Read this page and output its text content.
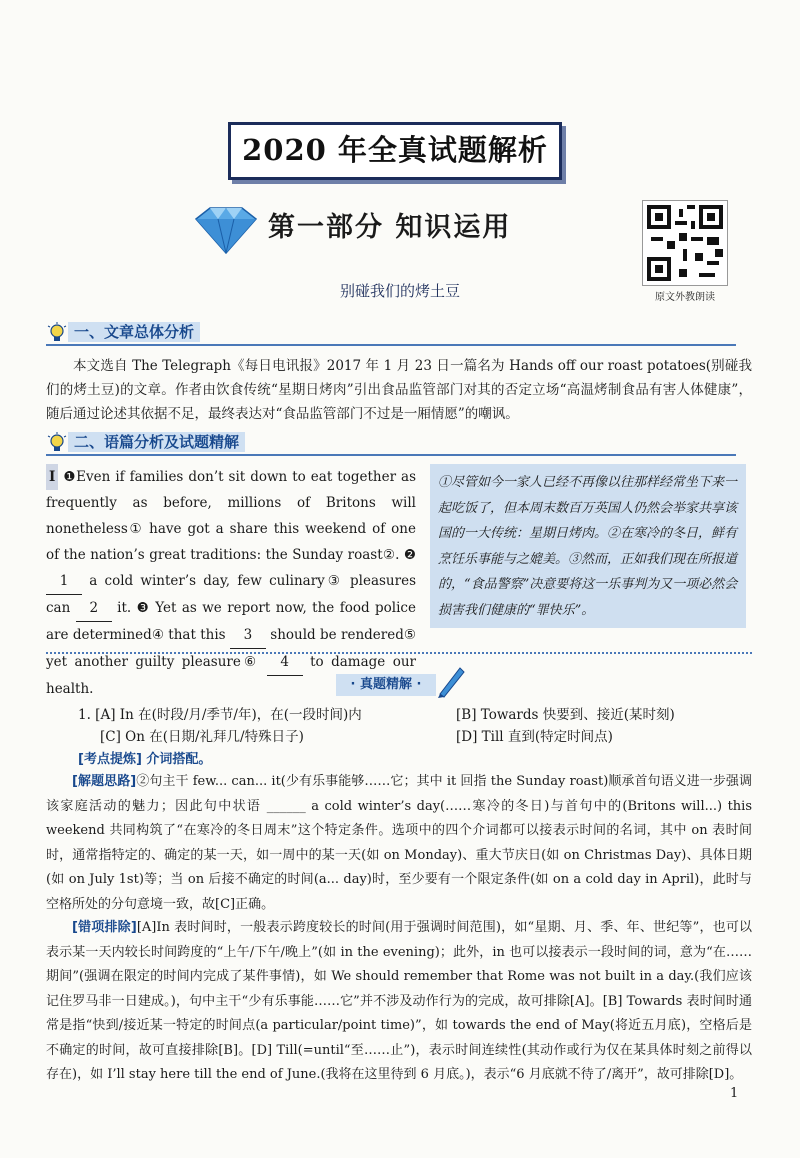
2020 年全真试题解析
第一部分 知识运用
原文外教朗读
别碰我们的烤土豆
一、文章总体分析
本文选自 The Telegraph《每日电讯报》2017 年 1 月 23 日一篇名为 Hands off our roast potatoes(别碰我们的烤土豆)的文章。作者由饮食传统“星期日烤肉”引出食品监管部门对其的否定立场“高温烤制食品有害人体健康”，随后通过论述其依据不足，最终表达对“食品监管部门不过是一厢情愿”的嘲讽。
二、语篇分析及试题精解
I ❶Even if families don’t sit down to eat together as frequently as before, millions of Britons will nonetheless① have got a share this weekend of one of the nation’s great traditions: the Sunday roast②. ❷ 1 a cold winter’s day, few culinary③ pleasures can 2 it. ❸ Yet as we report now, the food police are determined④ that this 3 should be rendered⑤ yet another guilty pleasure⑥ 4 to damage our health.
①尽管如今一家人已经不再像以往那样经常坐下来一起吃饭了，但本周末数百万英国人仍然会举家共享该国的一大传统：星期日烤肉。②在寒冷的冬日，鲜有烹饪乐事能与之媲美。③然而，正如我们现在所报道的，“食品警察”决意要将这一乐事判为又一项必然会损害我们健康的“罪快乐”。
· 真题精解 ·
1. [A] In 在(时段/月/季节/年)，在(一段时间)内	[B] Towards 快要到、接近(某时刻)
[C] On 在(日期/礼拜几/特殊日子)	[D] Till 直到(特定时间点)
[考点提炼] 介词搭配。
[解题思路]②句主干 few... can... it(少有乐事能够……它；其中 it 回指 the Sunday roast)顺承首句语义进一步强调该家庭活动的魅力；因此句中状语 ______ a cold winter’s day(……寒冷的冬日)与首句中的(Britons will...) this weekend 共同构筑了“在寒冷的冬日周末”这个特定条件。选项中的四个介词都可以接表示时间的名词，其中 on 表时间时，通常指特定的、确定的某一天，如一周中的某一天(如 on Monday)、重大节庆日(如 on Christmas Day)、具体日期(如 on July 1st)等；当 on 后接不确定的时间(a... day)时，至少要有一个限定条件(如 on a cold day in April)，此时与空格所处的分句意境一致，故[C]正确。
[错项排除][A]In 表时间时，一般表示跨度较长的时间(用于强调时间范围)，如“星期、月、季、年、世纪等”，也可以表示某一天内较长时间跨度的“上午/下午/晚上”(如 in the evening)；此外，in 也可以接表示一段时间的词，意为“在……期间”(强调在限定的时间内完成了某件事情)，如 We should remember that Rome was not built in a day.(我们应该记住罗马非一日建成。)，句中主干“少有乐事能……它”并不涉及动作行为的完成，故可排除[A]。[B] Towards 表时间时通常是指“快到/接近某一特定的时间点(a particular/point time)”，如 towards the end of May(将近五月底)，空格后是不确定的时间，故可直接排除[B]。[D] Till(=until“至……止”)，表示时间连续性(其动作或行为仅在某具体时刻之前得以存在)，如 I’ll stay here till the end of June.(我将在这里待到 6 月底。)，表示“6 月底就不待了/离开”，故可排除[D]。
1
